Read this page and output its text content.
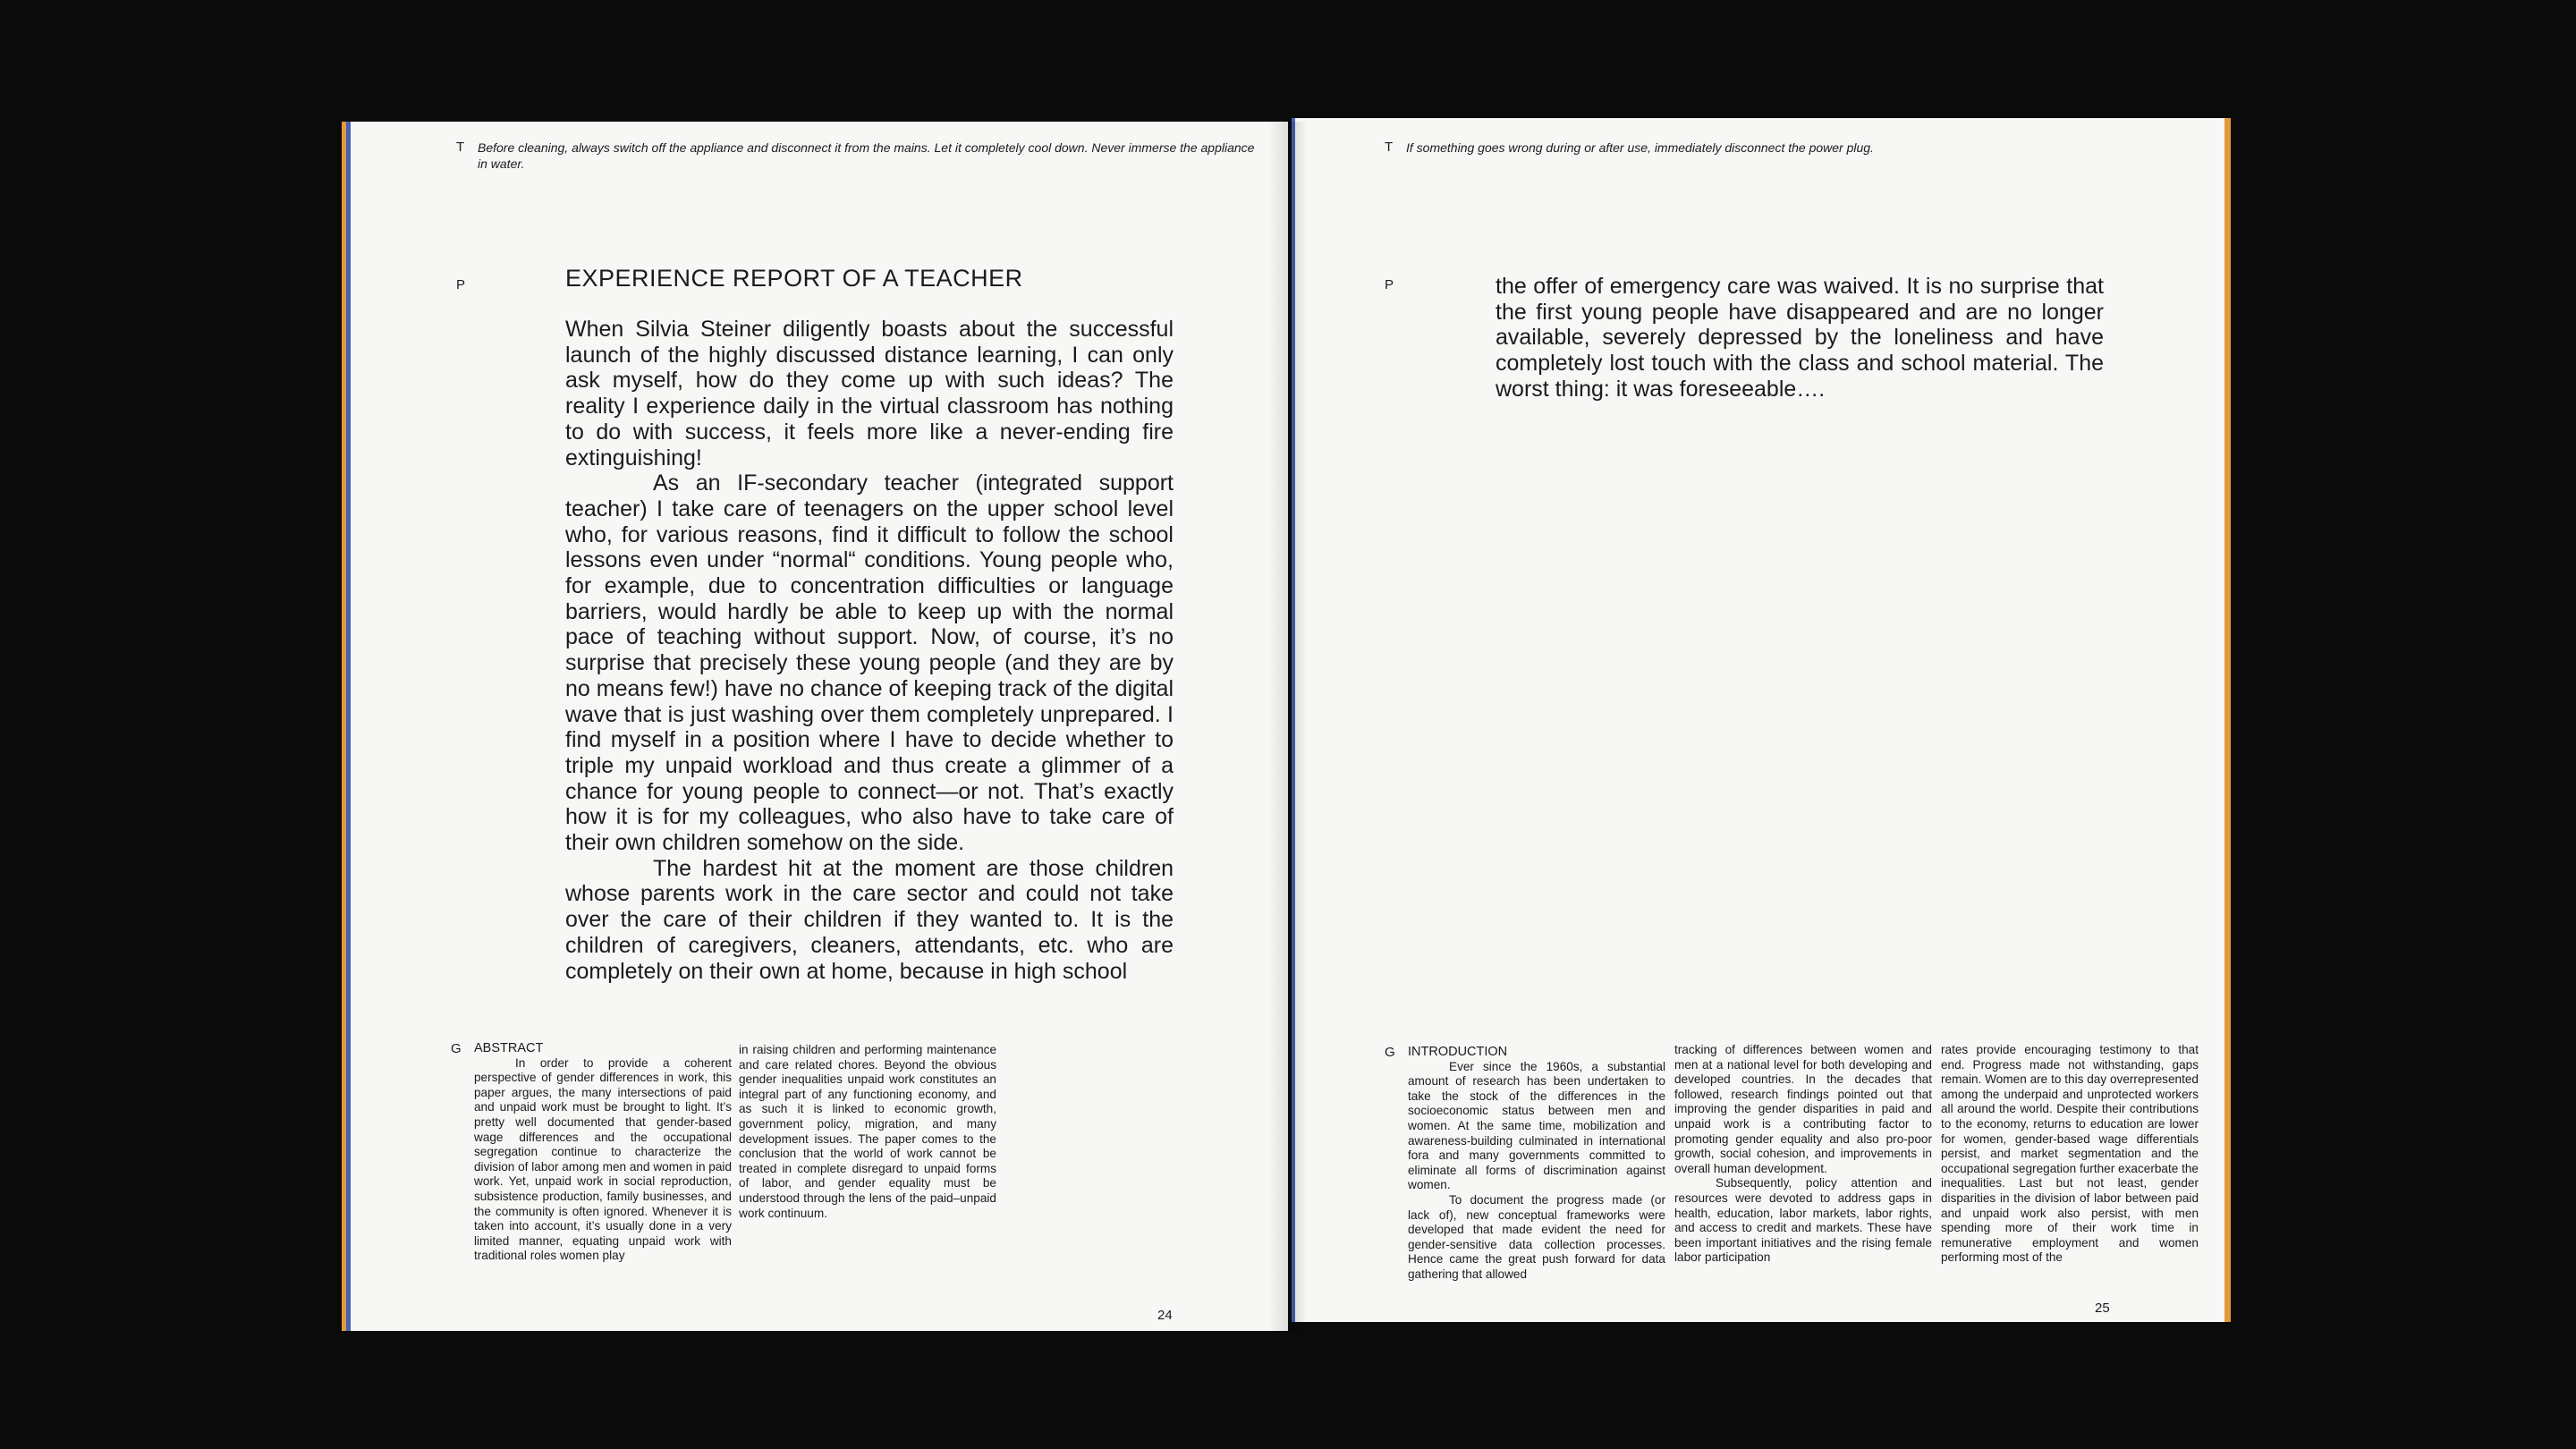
T Before cleaning, always switch off the appliance and disconnect it from the mains. Let it completely cool down. Never immerse the appliance in water.
P	EXPERIENCE REPORT OF A TEACHER

When Silvia Steiner diligently boasts about the successful launch of the highly discussed distance learning, I can only ask myself, how do they come up with such ideas? The reality I experience daily in the virtual classroom has nothing to do with success, it feels more like a never-ending fire extinguishing!

As an IF-secondary teacher (integrated support teacher) I take care of teenagers on the upper school level who, for various reasons, find it difficult to follow the school lessons even under “normal“ conditions. Young people who, for example, due to concentration difficulties or language barriers, would hardly be able to keep up with the normal pace of teaching without support. Now, of course, it’s no surprise that precisely these young people (and they are by no means few!) have no chance of keeping track of the digital wave that is just washing over them completely unprepared. I find myself in a position where I have to decide whether to triple my unpaid workload and thus create a glimmer of a chance for young people to connect—or not. That’s exactly how it is for my colleagues, who also have to take care of their own children somehow on the side.

The hardest hit at the moment are those children whose parents work in the care sector and could not take over the care of their children if they wanted to. It is the children of caregivers, cleaners, attendants, etc. who are completely on their own at home, because in high school

G ABSTRACT

In order to provide a coherent perspective of gender differences in work, this paper argues, the many intersections of paid and unpaid work must be brought to light. It’s pretty well documented that gender-based wage differences and the occupational segregation continue to characterize the division of labor among men and women in paid work. Yet, unpaid work in social reproduction, subsistence production, family businesses, and the community is often ignored. Whenever it is taken into account, it’s usually done in a very limited manner, equating unpaid work with traditional roles women play

in raising children and performing maintenance and care related chores. Beyond the obvious gender inequalities unpaid work constitutes an integral part of any functioning economy, and as such it is linked to economic growth, government policy, migration, and many development issues. The paper comes to the conclusion that the world of work cannot be treated in complete disregard to unpaid forms of labor, and gender equality must be understood through the lens of the paid–unpaid work continuum.

24
T If something goes wrong during or after use, immediately disconnect the power plug.
P	the offer of emergency care was waived. It is no surprise that the first young people have disappeared and are no longer available, severely depressed by the loneliness and have completely lost touch with the class and school material. The worst thing: it was foreseeable….

G INTRODUCTION

Ever since the 1960s, a substantial amount of research has been undertaken to take the stock of the differences in the socioeconomic status between men and women. At the same time, mobilization and awareness-building culminated in international fora and many governments committed to eliminate all forms of discrimination against women.

To document the progress made (or lack of), new conceptual frameworks were developed that made evident the need for gender-sensitive data collection processes. Hence came the great push forward for data gathering that allowed

tracking of differences between women and men at a national level for both developing and developed countries. In the decades that followed, research findings pointed out that improving the gender disparities in paid and unpaid work is a contributing factor to promoting gender equality and also pro-poor growth, social cohesion, and improvements in overall human development.

Subsequently, policy attention and resources were devoted to address gaps in health, education, labor markets, labor rights, and access to credit and markets. These have been important initiatives and the rising female labor participation

rates provide encouraging testimony to that end. Progress made not withstanding, gaps remain. Women are to this day overrepresented among the underpaid and unprotected workers all around the world. Despite their contributions to the economy, returns to education are lower for women, gender-based wage differentials persist, and market segmentation and the occupational segregation further exacerbate the inequalities. Last but not least, gender disparities in the division of labor between paid and unpaid work also persist, with men spending more of their work time in remunerative employment and women performing most of the

25
